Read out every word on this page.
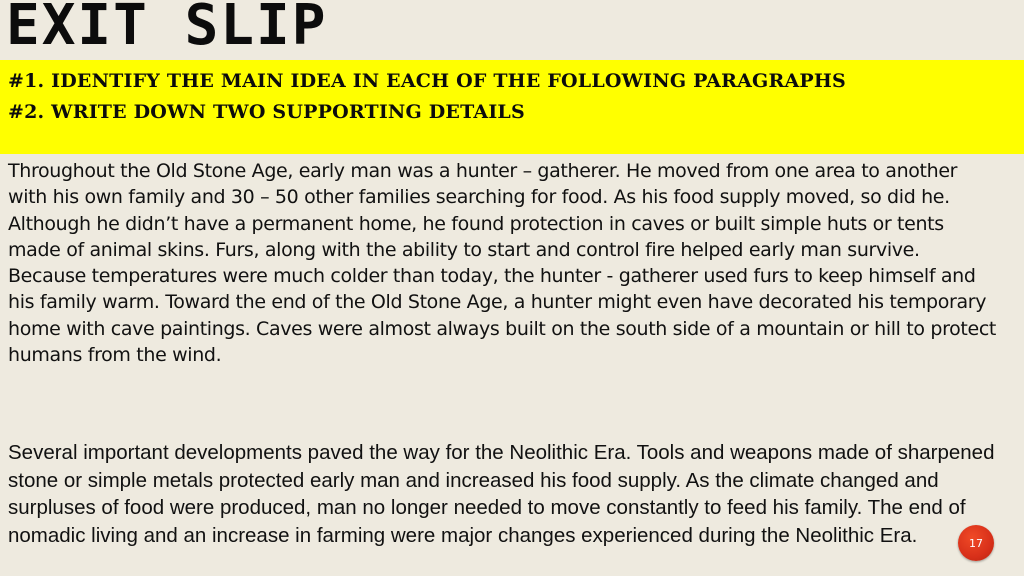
EXIT SLIP
#1. IDENTIFY THE MAIN IDEA IN EACH OF THE FOLLOWING PARAGRAPHS
#2. WRITE DOWN TWO SUPPORTING DETAILS

Throughout the Old Stone Age, early man was a hunter – gatherer. He moved from one area to another with his own family and 30 – 50 other families searching for food. As his food supply moved, so did he. Although he didn’t have a permanent home, he found protection in caves or built simple huts or tents made of animal skins. Furs, along with the ability to start and control fire helped early man survive. Because temperatures were much colder than today, the hunter - gatherer used furs to keep himself and his family warm. Toward the end of the Old Stone Age, a hunter might even have decorated his temporary home with cave paintings. Caves were almost always built on the south side of a mountain or hill to protect humans from the wind.

Several important developments paved the way for the Neolithic Era. Tools and weapons made of sharpened stone or simple metals protected early man and increased his food supply. As the climate changed and surpluses of food were produced, man no longer needed to move constantly to feed his family. The end of nomadic living and an increase in farming were major changes experienced during the Neolithic Era.	17
